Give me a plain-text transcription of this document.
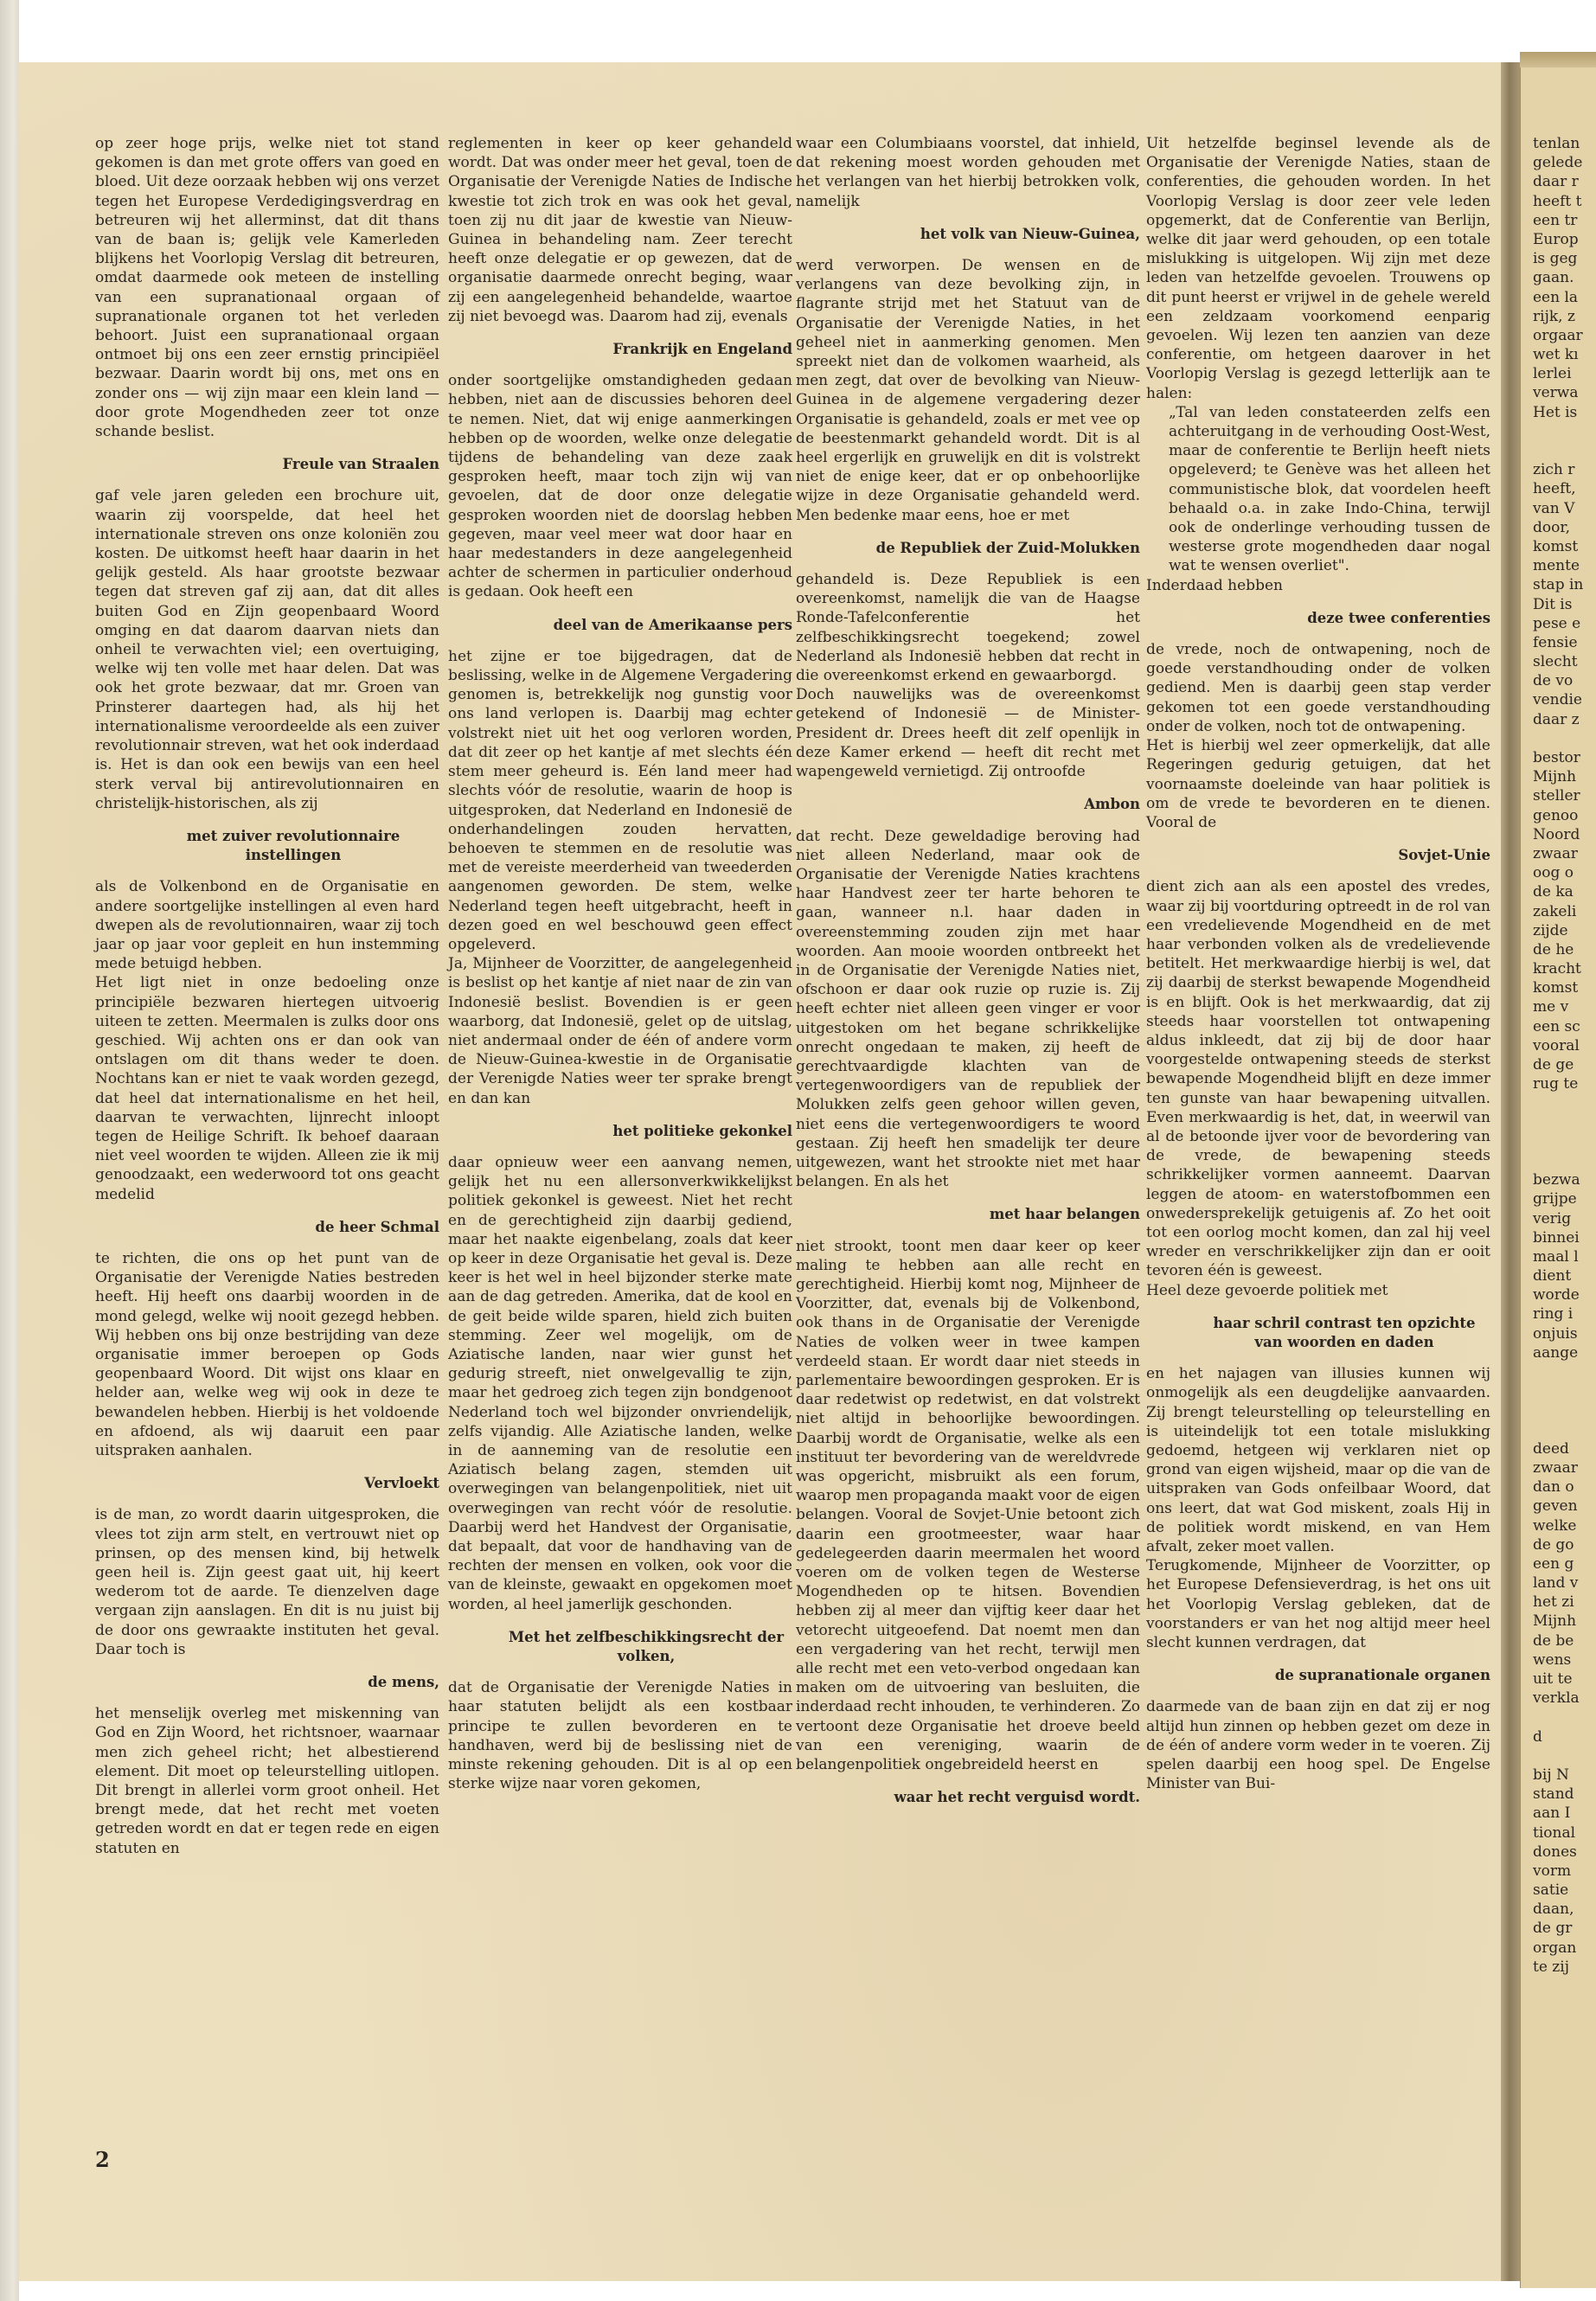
op zeer hoge prijs, welke niet tot stand gekomen is dan met grote offers van goed en bloed. Uit deze oorzaak hebben wij ons verzet tegen het Europese Verdedigingsverdrag en betreuren wij het allerminst, dat dit thans van de baan is; gelijk vele Kamerleden blijkens het Voorlopig Verslag dit betreuren, omdat daarmede ook meteen de instelling van een supranationaal orgaan of supranationale organen tot het verleden behoort. Juist een supranationaal orgaan ontmoet bij ons een zeer ernstig principiëel bezwaar. Daarin wordt bij ons, met ons en zonder ons — wij zijn maar een klein land — door grote Mogendheden zeer tot onze schande beslist.

Freule van Straalen

gaf vele jaren geleden een brochure uit, waarin zij voorspelde, dat heel het internationale streven ons onze koloniën zou kosten. De uitkomst heeft haar daarin in het gelijk gesteld. Als haar grootste bezwaar tegen dat streven gaf zij aan, dat dit alles buiten God en Zijn geopenbaard Woord omging en dat daarom daarvan niets dan onheil te verwachten viel; een overtuiging, welke wij ten volle met haar delen. Dat was ook het grote bezwaar, dat mr. Groen van Prinsterer daartegen had, als hij het internationalisme veroordeelde als een zuiver revolutionnair streven, wat het ook inderdaad is. Het is dan ook een bewijs van een heel sterk verval bij antirevolutionnairen en christelijk-historischen, als zij

met zuiver revolutionnaire instellingen

als de Volkenbond en de Organisatie en andere soortgelijke instellingen al even hard dwepen als de revolutionnairen, waar zij toch jaar op jaar voor gepleit en hun instemming mede betuigd hebben.

Het ligt niet in onze bedoeling onze principiële bezwaren hiertegen uitvoerig uiteen te zetten. Meermalen is zulks door ons geschied. Wij achten ons er dan ook van ontslagen om dit thans weder te doen. Nochtans kan er niet te vaak worden gezegd, dat heel dat internationalisme en het heil, daarvan te verwachten, lijnrecht inloopt tegen de Heilige Schrift. Ik behoef daaraan niet veel woorden te wijden. Alleen zie ik mij genoodzaakt, een wederwoord tot ons geacht medelid

de heer Schmal

te richten, die ons op het punt van de Organisatie der Verenigde Naties bestreden heeft. Hij heeft ons daarbij woorden in de mond gelegd, welke wij nooit gezegd hebben. Wij hebben ons bij onze bestrijding van deze organisatie immer beroepen op Gods geopenbaard Woord. Dit wijst ons klaar en helder aan, welke weg wij ook in deze te bewandelen hebben. Hierbij is het voldoende en afdoend, als wij daaruit een paar uitspraken aanhalen.

Vervloekt

is de man, zo wordt daarin uitgesproken, die vlees tot zijn arm stelt, en vertrouwt niet op prinsen, op des mensen kind, bij hetwelk geen heil is. Zijn geest gaat uit, hij keert wederom tot de aarde. Te dienzelven dage vergaan zijn aanslagen. En dit is nu juist bij de door ons gewraakte instituten het geval. Daar toch is

de mens,

het menselijk overleg met miskenning van God en Zijn Woord, het richtsnoer, waarnaar men zich geheel richt; het albestierend element. Dit moet op teleurstelling uitlopen. Dit brengt in allerlei vorm groot onheil. Het brengt mede, dat het recht met voeten getreden wordt en dat er tegen rede en eigen statuten en

reglementen in keer op keer gehandeld wordt. Dat was onder meer het geval, toen de Organisatie der Verenigde Naties de Indische kwestie tot zich trok en was ook het geval, toen zij nu dit jaar de kwestie van Nieuw-Guinea in behandeling nam. Zeer terecht heeft onze delegatie er op gewezen, dat de organisatie daarmede onrecht beging, waar zij een aangelegenheid behandelde, waartoe zij niet bevoegd was. Daarom had zij, evenals

Frankrijk en Engeland

onder soortgelijke omstandigheden gedaan hebben, niet aan de discussies behoren deel te nemen. Niet, dat wij enige aanmerkingen hebben op de woorden, welke onze delegatie tijdens de behandeling van deze zaak gesproken heeft, maar toch zijn wij van gevoelen, dat de door onze delegatie gesproken woorden niet de doorslag hebben gegeven, maar veel meer wat door haar en haar medestanders in deze aangelegenheid achter de schermen in particulier onderhoud is gedaan. Ook heeft een

deel van de Amerikaanse pers

het zijne er toe bijgedragen, dat de beslissing, welke in de Algemene Vergadering genomen is, betrekkelijk nog gunstig voor ons land verlopen is. Daarbij mag echter volstrekt niet uit het oog verloren worden, dat dit zeer op het kantje af met slechts één stem meer geheurd is. Eén land meer had slechts vóór de resolutie, waarin de hoop is uitgesproken, dat Nederland en Indonesië de onderhandelingen zouden hervatten, behoeven te stemmen en de resolutie was met de vereiste meerderheid van tweederden aangenomen geworden. De stem, welke Nederland tegen heeft uitgebracht, heeft in dezen goed en wel beschouwd geen effect opgeleverd.

Ja, Mijnheer de Voorzitter, de aangelegenheid is beslist op het kantje af niet naar de zin van Indonesië beslist. Bovendien is er geen waarborg, dat Indonesië, gelet op de uitslag, niet andermaal onder de één of andere vorm de Nieuw-Guinea-kwestie in de Organisatie der Verenigde Naties weer ter sprake brengt en dan kan

het politieke gekonkel

daar opnieuw weer een aanvang nemen, gelijk het nu een allersonverkwikkelijkst politiek gekonkel is geweest. Niet het recht en de gerechtigheid zijn daarbij gediend, maar het naakte eigenbelang, zoals dat keer op keer in deze Organisatie het geval is. Deze keer is het wel in heel bijzonder sterke mate aan de dag getreden. Amerika, dat de kool en de geit beide wilde sparen, hield zich buiten stemming. Zeer wel mogelijk, om de Aziatische landen, naar wier gunst het gedurig streeft, niet onwelgevallig te zijn, maar het gedroeg zich tegen zijn bondgenoot Nederland toch wel bijzonder onvriendelijk, zelfs vijandig. Alle Aziatische landen, welke in de aanneming van de resolutie een Aziatisch belang zagen, stemden uit overwegingen van belangenpolitiek, niet uit overwegingen van recht vóór de resolutie. Daarbij werd het Handvest der Organisatie, dat bepaalt, dat voor de handhaving van de rechten der mensen en volken, ook voor die van de kleinste, gewaakt en opgekomen moet worden, al heel jamerlijk geschonden.

Met het zelfbeschikkingsrecht der volken,

dat de Organisatie der Verenigde Naties in haar statuten belijdt als een kostbaar principe te zullen bevorderen en te handhaven, werd bij de beslissing niet de minste rekening gehouden. Dit is al op een sterke wijze naar voren gekomen,

waar een Columbiaans voorstel, dat inhield, dat rekening moest worden gehouden met het verlangen van het hierbij betrokken volk, namelijk

het volk van Nieuw-Guinea,

werd verworpen. De wensen en de verlangens van deze bevolking zijn, in flagrante strijd met het Statuut van de Organisatie der Verenigde Naties, in het geheel niet in aanmerking genomen. Men spreekt niet dan de volkomen waarheid, als men zegt, dat over de bevolking van Nieuw-Guinea in de algemene vergadering dezer Organisatie is gehandeld, zoals er met vee op de beestenmarkt gehandeld wordt. Dit is al heel ergerlijk en gruwelijk en dit is volstrekt niet de enige keer, dat er op onbehoorlijke wijze in deze Organisatie gehandeld werd. Men bedenke maar eens, hoe er met

de Republiek der Zuid-Molukken

gehandeld is. Deze Republiek is een overeenkomst, namelijk die van de Haagse Ronde-Tafelconferentie het zelfbeschikkingsrecht toegekend; zowel Nederland als Indonesië hebben dat recht in die overeenkomst erkend en gewaarborgd.

Doch nauwelijks was de overeenkomst getekend of Indonesië — de Minister-President dr. Drees heeft dit zelf openlijk in deze Kamer erkend — heeft dit recht met wapengeweld vernietigd. Zij ontroofde

Ambon

dat recht. Deze geweldadige beroving had niet alleen Nederland, maar ook de Organisatie der Verenigde Naties krachtens haar Handvest zeer ter harte behoren te gaan, wanneer n.l. haar daden in overeenstemming zouden zijn met haar woorden. Aan mooie woorden ontbreekt het in de Organisatie der Verenigde Naties niet, ofschoon er daar ook ruzie op ruzie is. Zij heeft echter niet alleen geen vinger er voor uitgestoken om het begane schrikkelijke onrecht ongedaan te maken, zij heeft de gerechtvaardigde klachten van de vertegenwoordigers van de republiek der Molukken zelfs geen gehoor willen geven, niet eens die vertegenwoordigers te woord gestaan. Zij heeft hen smadelijk ter deure uitgewezen, want het strookte niet met haar belangen. En als het

met haar belangen

niet strookt, toont men daar keer op keer maling te hebben aan alle recht en gerechtigheid. Hierbij komt nog, Mijnheer de Voorzitter, dat, evenals bij de Volkenbond, ook thans in de Organisatie der Verenigde Naties de volken weer in twee kampen verdeeld staan. Er wordt daar niet steeds in parlementaire bewoordingen gesproken. Er is daar redetwist op redetwist, en dat volstrekt niet altijd in behoorlijke bewoordingen. Daarbij wordt de Organisatie, welke als een instituut ter bevordering van de wereldvrede was opgericht, misbruikt als een forum, waarop men propaganda maakt voor de eigen belangen. Vooral de Sovjet-Unie betoont zich daarin een grootmeester, waar haar gedelegeerden daarin meermalen het woord voeren om de volken tegen de Westerse Mogendheden op te hitsen. Bovendien hebben zij al meer dan vijftig keer daar het vetorecht uitgeoefend. Dat noemt men dan een vergadering van het recht, terwijl men alle recht met een veto-verbod ongedaan kan maken om de uitvoering van besluiten, die inderdaad recht inhouden, te verhinderen. Zo vertoont deze Organisatie het droeve beeld van een vereniging, waarin de belangenpolitiek ongebreideld heerst en

waar het recht verguisd wordt.

Uit hetzelfde beginsel levende als de Organisatie der Verenigde Naties, staan de conferenties, die gehouden worden. In het Voorlopig Verslag is door zeer vele leden opgemerkt, dat de Conferentie van Berlijn, welke dit jaar werd gehouden, op een totale mislukking is uitgelopen. Wij zijn met deze leden van hetzelfde gevoelen. Trouwens op dit punt heerst er vrijwel in de gehele wereld een zeldzaam voorkomend eenparig gevoelen. Wij lezen ten aanzien van deze conferentie, om hetgeen daarover in het Voorlopig Verslag is gezegd letterlijk aan te halen:

„Tal van leden constateerden zelfs een achteruitgang in de verhouding Oost-West, maar de conferentie te Berlijn heeft niets opgeleverd; te Genève was het alleen het communistische blok, dat voordelen heeft behaald o.a. in zake Indo-China, terwijl ook de onderlinge verhouding tussen de westerse grote mogendheden daar nogal wat te wensen overliet".

Inderdaad hebben

deze twee conferenties

de vrede, noch de ontwapening, noch de goede verstandhouding onder de volken gediend. Men is daarbij geen stap verder gekomen tot een goede verstandhouding onder de volken, noch tot de ontwapening.

Het is hierbij wel zeer opmerkelijk, dat alle Regeringen gedurig getuigen, dat het voornaamste doeleinde van haar politiek is om de vrede te bevorderen en te dienen. Vooral de

Sovjet-Unie

dient zich aan als een apostel des vredes, waar zij bij voortduring optreedt in de rol van een vredelievende Mogendheid en de met haar verbonden volken als de vredelievende betitelt. Het merkwaardige hierbij is wel, dat zij daarbij de sterkst bewapende Mogendheid is en blijft. Ook is het merkwaardig, dat zij steeds haar voorstellen tot ontwapening aldus inkleedt, dat zij bij de door haar voorgestelde ontwapening steeds de sterkst bewapende Mogendheid blijft en deze immer ten gunste van haar bewapening uitvallen. Even merkwaardig is het, dat, in weerwil van al de betoonde ijver voor de bevordering van de vrede, de bewapening steeds schrikkelijker vormen aanneemt. Daarvan leggen de atoom- en waterstofbommen een onwedersprekelijk getuigenis af. Zo het ooit tot een oorlog mocht komen, dan zal hij veel wreder en verschrikkelijker zijn dan er ooit tevoren één is geweest.

Heel deze gevoerde politiek met

haar schril contrast ten opzichte van woorden en daden

en het najagen van illusies kunnen wij onmogelijk als een deugdelijke aanvaarden. Zij brengt teleurstelling op teleurstelling en is uiteindelijk tot een totale mislukking gedoemd, hetgeen wij verklaren niet op grond van eigen wijsheid, maar op die van de uitspraken van Gods onfeilbaar Woord, dat ons leert, dat wat God miskent, zoals Hij in de politiek wordt miskend, en van Hem afvalt, zeker moet vallen.

Terugkomende, Mijnheer de Voorzitter, op het Europese Defensieverdrag, is het ons uit het Voorlopig Verslag gebleken, dat de voorstanders er van het nog altijd meer heel slecht kunnen verdragen, dat

de supranationale organen

daarmede van de baan zijn en dat zij er nog altijd hun zinnen op hebben gezet om deze in de één of andere vorm weder in te voeren. Zij spelen daarbij een hoog spel. De Engelse Minister van Bui-

2
tenlan
gelede
daar r
heeft t
een tr
Europ
is geg
gaan.
een la
rijk, z
orgaar
wet kı
lerlei
verwa
Het is
zich r
heeft,
van V
door,
komst
mente
stap in
Dit is
pese e
fensie
slecht
de vo
vendie
daar z
bestor
Mijnh
steller
genoo
Noord
zwaar
oog o
de ka
zakeli
zijde
de he
kracht
komst
me v
een sc
vooral
de ge
rug te
bezwa
grijpe
verig
binnei
maal l
dient
worde
ring i
onjuis
aange
deed
zwaar
dan o
geven
welke
de go
een g
land v
het zi
Mijnh
de be
wens
uit te
verkla
d
bij N
stand
aan I
tional
dones
vorm
satie
daan,
de gr
organ
te zij
